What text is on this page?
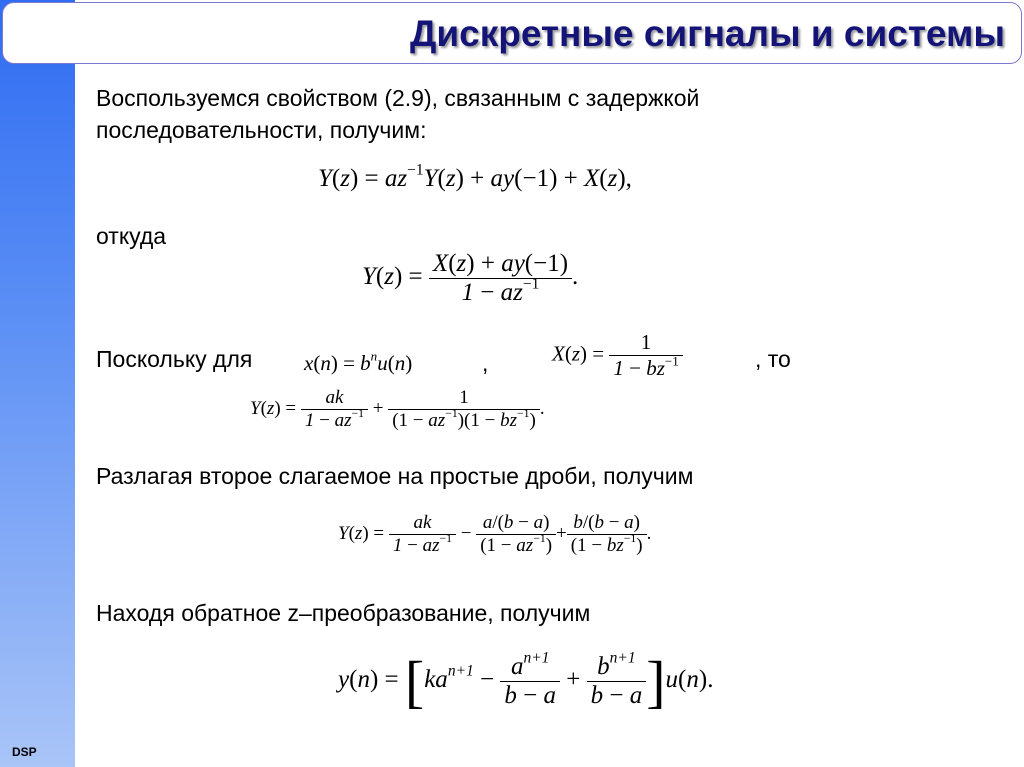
DSP
Дискретные сигналы и системы
Воспользуемся свойством (2.9), связанным с задержкой
последовательности, получим:
$Y(z) = az^{-1}Y(z) + ay(-1) + X(z)$,
откуда
$Y(z) = \frac{X(z) + ay(-1)}{1 - az^{-1}}$ .
Поскольку для $x(n) = b^nu(n)$	,	$X(z) = \frac{1}{1 - bz^{-1}}$	, то
$Y(z) = \frac{ak}{1 - az^{-1}} + \frac{1}{(1 - az^{-1})(1 - bz^{-1})}$ .
Разлагая второе слагаемое на простые дроби, получим
$Y(z) = \frac{ak}{1 - az^{-1}} - \frac{a/(b - a)}{(1 - az^{-1})} + \frac{b/(b - a)}{(1 - bz^{-1})}$ .
Находя обратное z–преобразование, получим
$y(n) = [ka^{n+1} - \frac{a^{n+1}}{b - a} + \frac{b^{n+1}}{b - a} ]u(n)$.
